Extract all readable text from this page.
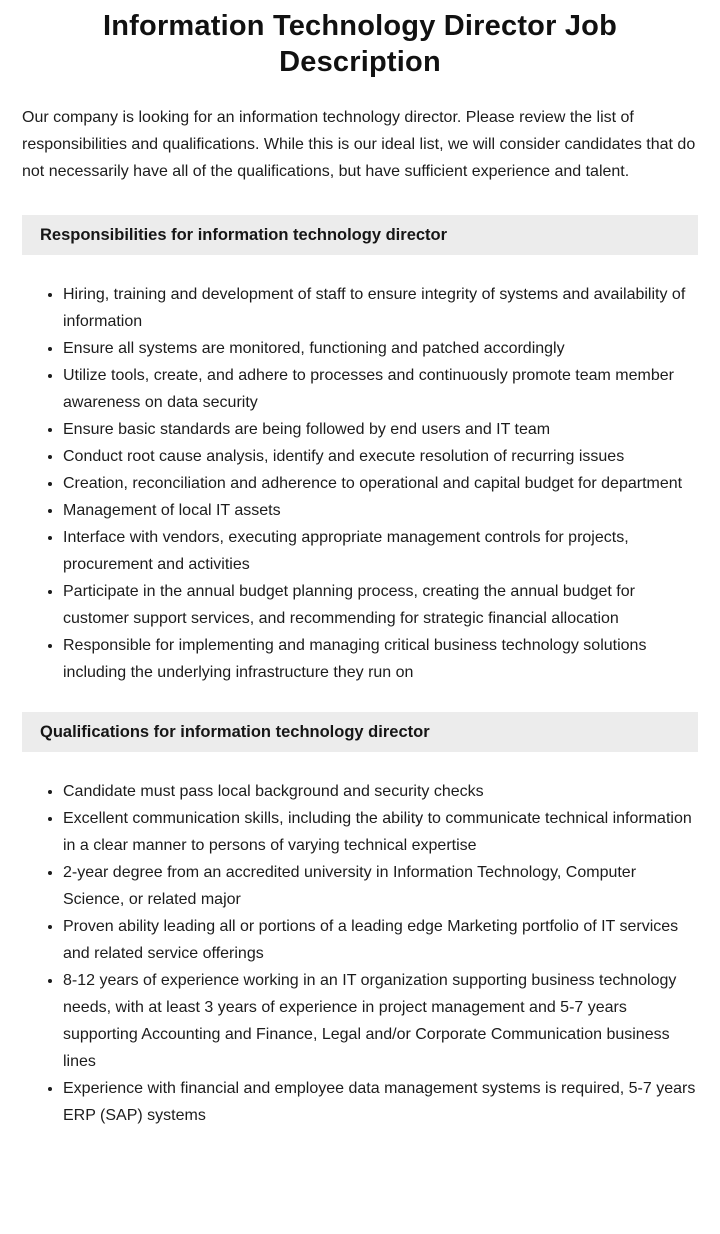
Information Technology Director Job Description

Our company is looking for an information technology director. Please review the list of responsibilities and qualifications. While this is our ideal list, we will consider candidates that do not necessarily have all of the qualifications, but have sufficient experience and talent.

Responsibilities for information technology director
• Hiring, training and development of staff to ensure integrity of systems and availability of information
• Ensure all systems are monitored, functioning and patched accordingly
• Utilize tools, create, and adhere to processes and continuously promote team member awareness on data security
• Ensure basic standards are being followed by end users and IT team
• Conduct root cause analysis, identify and execute resolution of recurring issues
• Creation, reconciliation and adherence to operational and capital budget for department
• Management of local IT assets
• Interface with vendors, executing appropriate management controls for projects, procurement and activities
• Participate in the annual budget planning process, creating the annual budget for customer support services, and recommending for strategic financial allocation
• Responsible for implementing and managing critical business technology solutions including the underlying infrastructure they run on
Qualifications for information technology director
• Candidate must pass local background and security checks
• Excellent communication skills, including the ability to communicate technical information in a clear manner to persons of varying technical expertise
• 2-year degree from an accredited university in Information Technology, Computer Science, or related major
• Proven ability leading all or portions of a leading edge Marketing portfolio of IT services and related service offerings
• 8-12 years of experience working in an IT organization supporting business technology needs, with at least 3 years of experience in project management and 5-7 years supporting Accounting and Finance, Legal and/or Corporate Communication business lines
• Experience with financial and employee data management systems is required, 5-7 years ERP (SAP) systems
